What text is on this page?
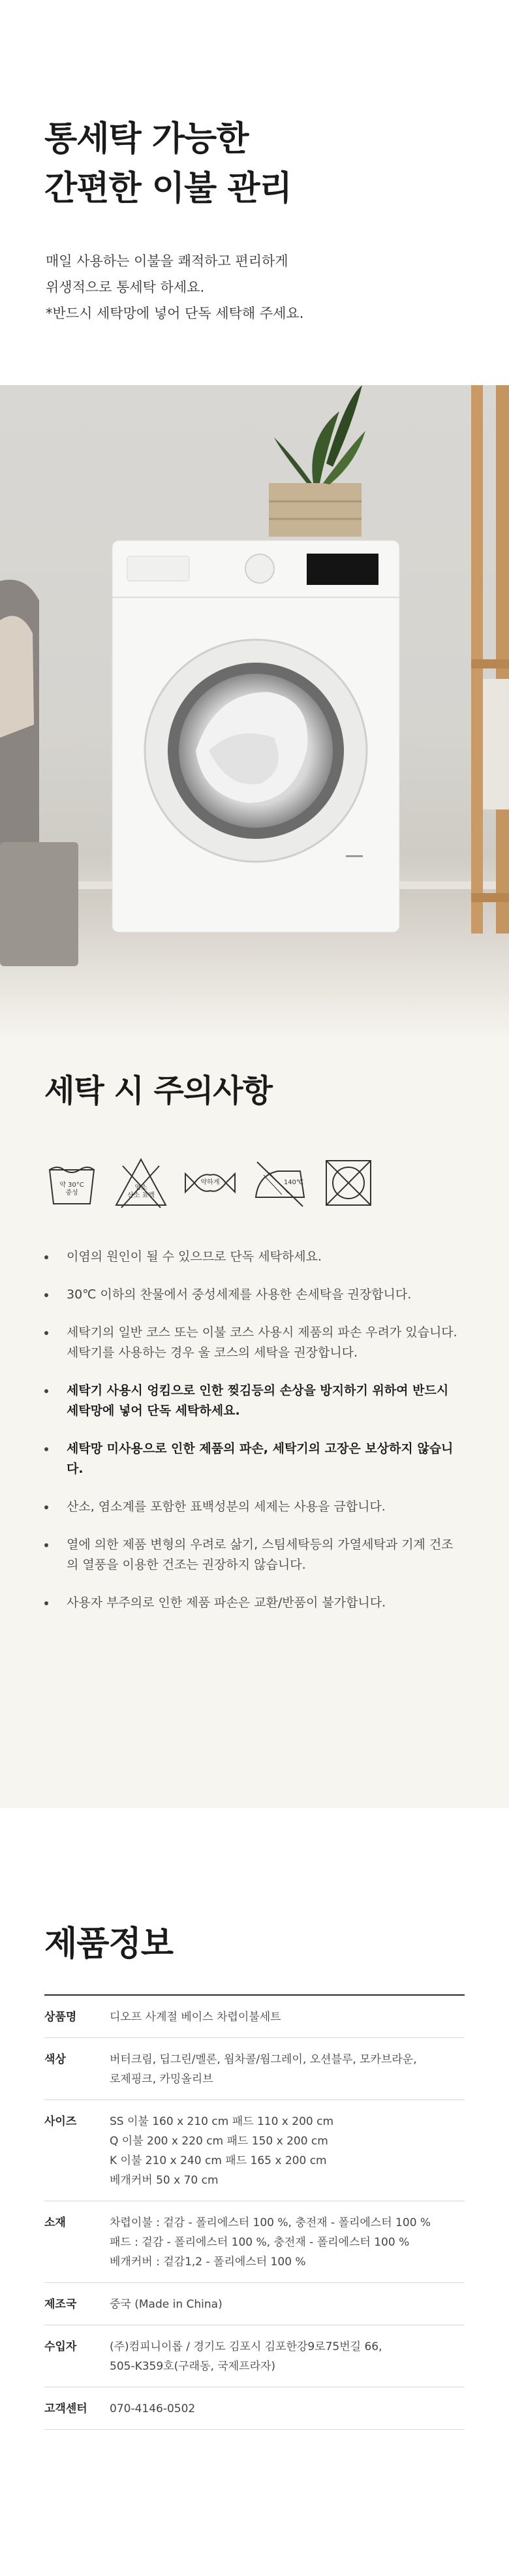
통세탁 가능한
간편한 이불 관리

매일 사용하는 이불을 쾌적하고 편리하게

위생적으로 통세탁 하세요.

*반드시 세탁망에 넣어 단독 세탁해 주세요.

세탁 시 주의사항
약 30°C
중성
염소
산소 표백
약하게	140℃
이염의 원인이 될 수 있으므로 단독 세탁하세요.
30℃ 이하의 찬물에서 중성세제를 사용한 손세탁을 권장합니다.
세탁기의 일반 코스 또는 이불 코스 사용시 제품의 파손 우려가 있습니다. 세탁기를 사용하는 경우 울 코스의 세탁을 권장합니다.
세탁기 사용시 엉킴으로 인한 찢김등의 손상을 방지하기 위하여 반드시 세탁망에 넣어 단독 세탁하세요.
세탁망 미사용으로 인한 제품의 파손, 세탁기의 고장은 보상하지 않습니다.
산소, 염소계를 포함한 표백성분의 세제는 사용을 금합니다.
열에 의한 제품 변형의 우려로 삶기, 스팀세탁등의 가열세탁과 기계 건조의 열풍을 이용한 건조는 권장하지 않습니다.
사용자 부주의로 인한 제품 파손은 교환/반품이 불가합니다.
제품정보
상품명	디오프 사계절 베이스 차렵이불세트
색상	버터크림, 딥그린/멜론, 웜차콜/웜그레이, 오션블루, 모카브라운,
로제핑크, 카밍올리브
사이즈	SS 이불 160 x 210 cm 패드 110 x 200 cm
Q 이불 200 x 220 cm 패드 150 x 200 cm
K 이불 210 x 240 cm 패드 165 x 200 cm
베개커버 50 x 70 cm
소재	차렵이불 : 겉감 - 폴리에스터 100 %, 충전재 - 폴리에스터 100 %
패드 : 겉감 - 폴리에스터 100 %, 충전재 - 폴리에스터 100 %
베개커버 : 겉감1,2 - 폴리에스터 100 %
제조국	중국 (Made in China)
수입자	(주)컴피니이롭 / 경기도 김포시 김포한강9로75번길 66,
505-K359호(구래동, 국제프라자)
고객센터	070-4146-0502
